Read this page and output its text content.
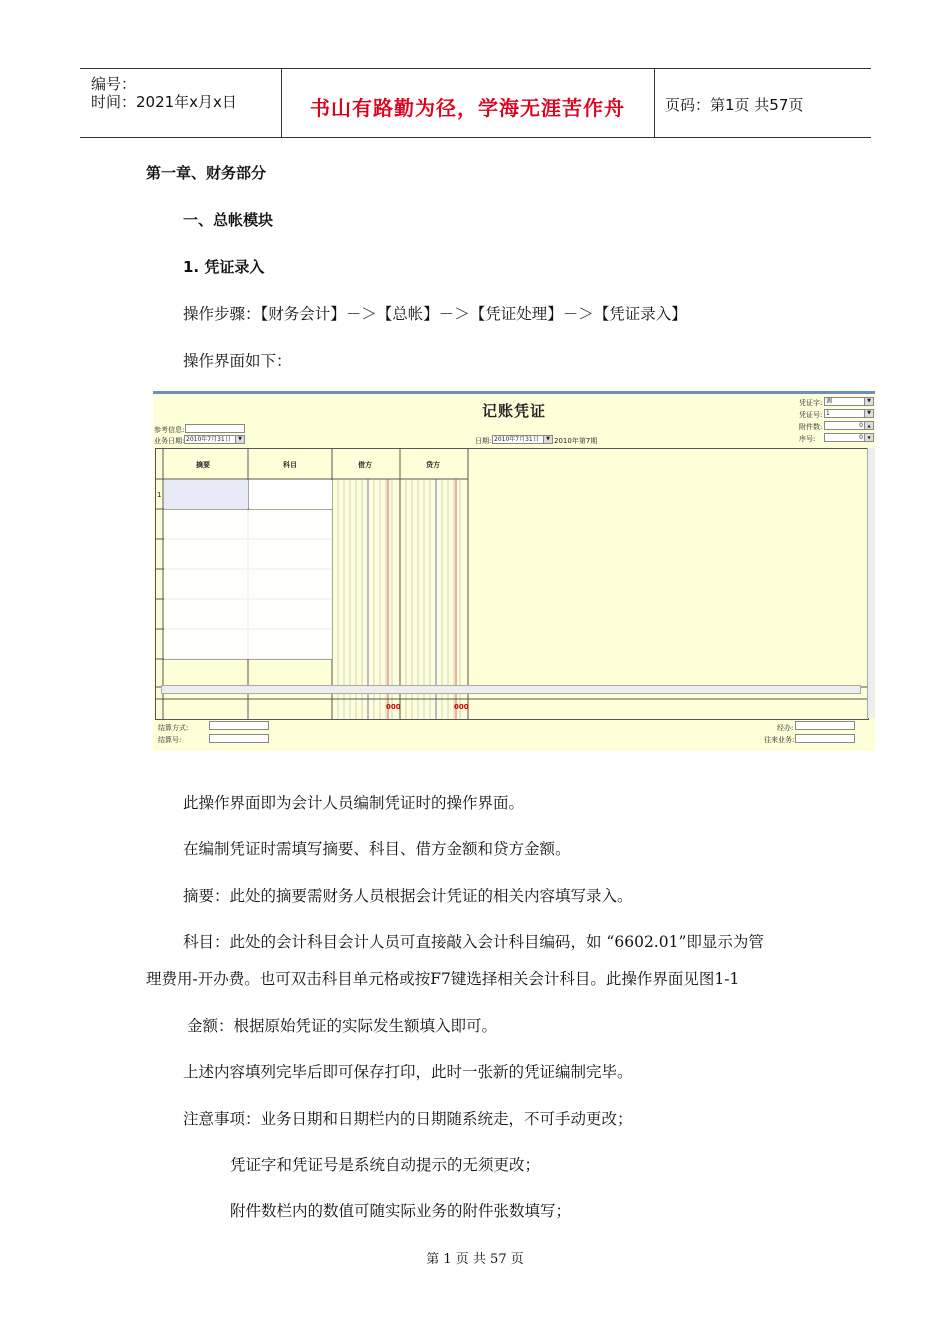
编号：
时间：2021年x月x日	书山有路勤为径，学海无涯苦作舟	页码：第1页 共57页
第一章、财务部分
一、总帐模块
1. 凭证录入
操作步骤：【财务会计】－＞【总帐】－＞【凭证处理】－＞【凭证录入】
操作界面如下：
记账凭证
参考信息:
业务日期: 2010年7月31日	▼	日期: 2010年7月31日	▼ 2010年第7期
凭证字: 调	▼
凭证号: 1	▼
附件数:	0	▲
序号:	0	▼
摘要	科目	借方	贷方
1
000	000
结算方式:
结算号:
经办:
往来业务:
此操作界面即为会计人员编制凭证时的操作界面。
在编制凭证时需填写摘要、科目、借方金额和贷方金额。
摘要：此处的摘要需财务人员根据会计凭证的相关内容填写录入。
科目：此处的会计科目会计人员可直接敲入会计科目编码，如 “6602.01”即显示为管
理费用-开办费。也可双击科目单元格或按F7键选择相关会计科目。此操作界面见图1-1
金额：根据原始凭证的实际发生额填入即可。
上述内容填列完毕后即可保存打印，此时一张新的凭证编制完毕。
注意事项：业务日期和日期栏内的日期随系统走，不可手动更改；
凭证字和凭证号是系统自动提示的无须更改；
附件数栏内的数值可随实际业务的附件张数填写；
第 1 页 共 57 页
